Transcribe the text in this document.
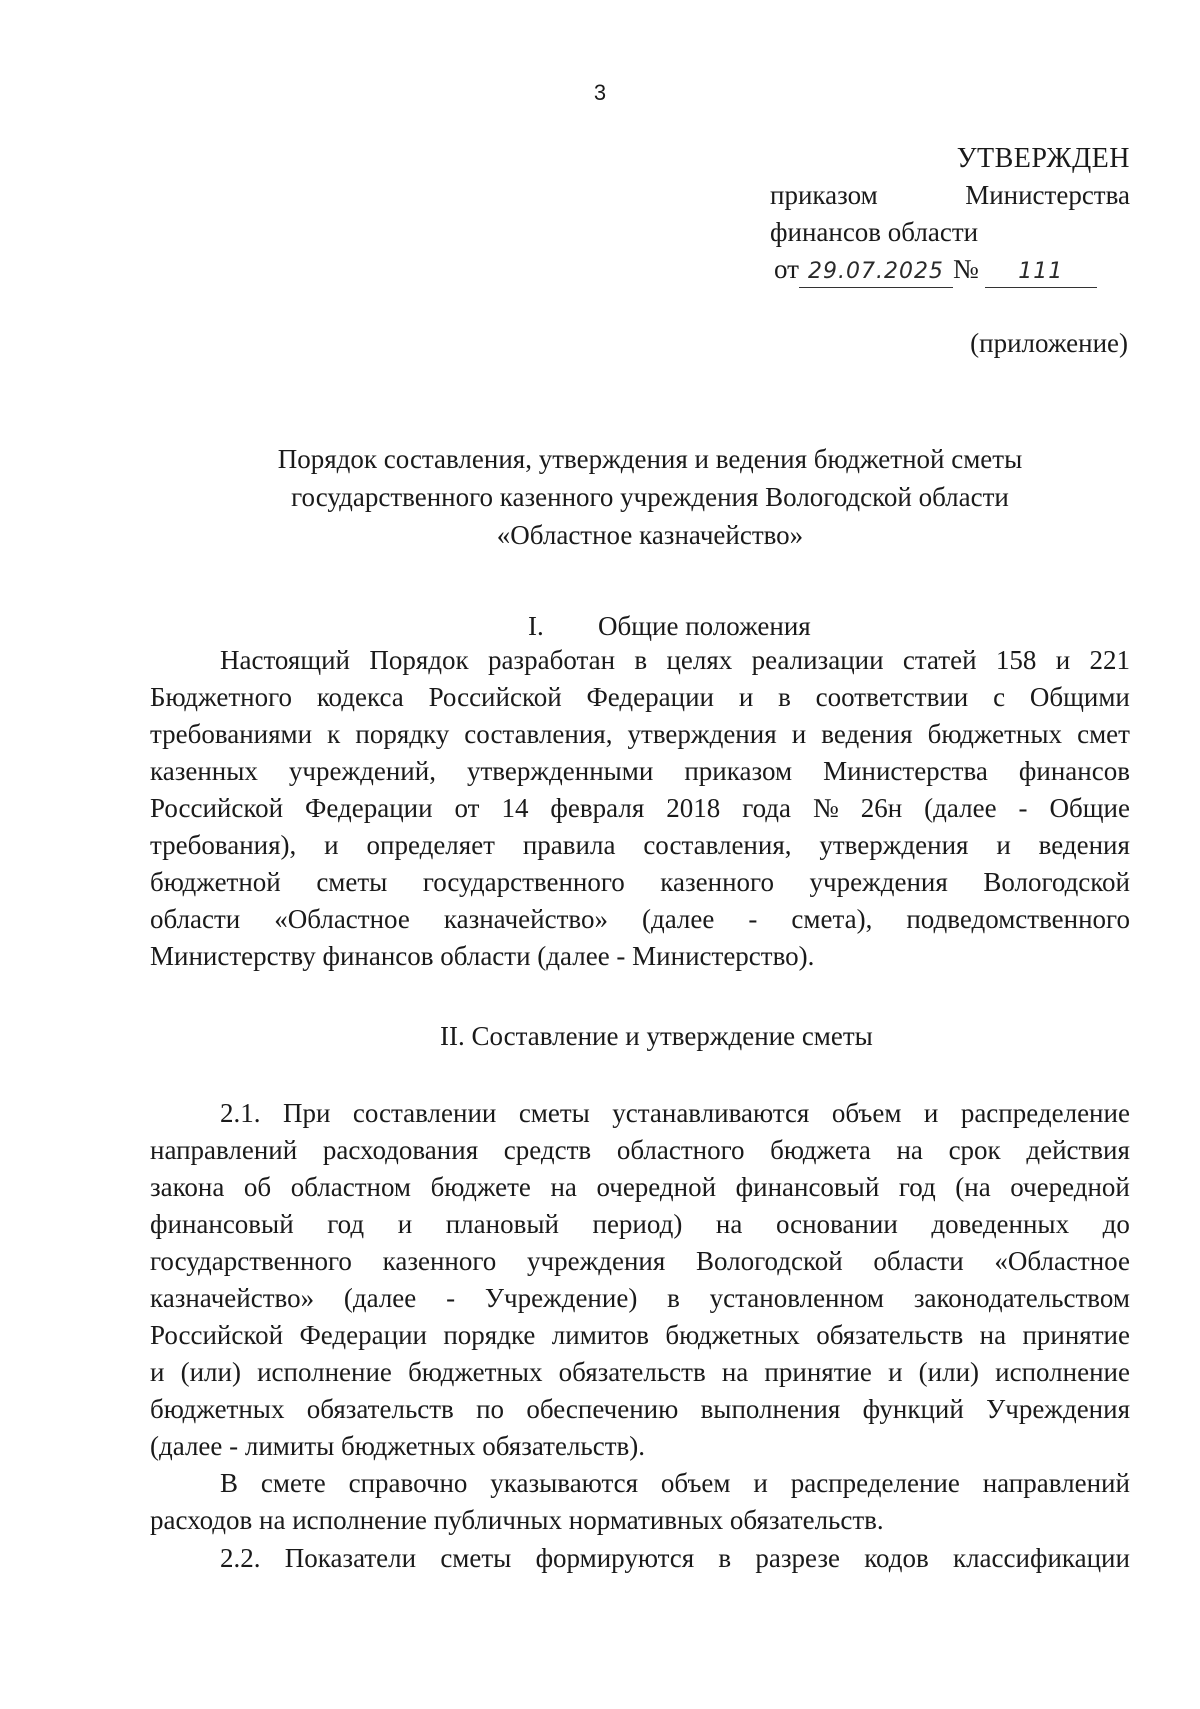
3
УТВЕРЖДЕН
приказом	Министерства
финансов области
от 29.07.2025 №	111
(приложение)
Порядок составления, утверждения и ведения бюджетной сметы
государственного казенного учреждения Вологодской области
«Областное казначейство»
I. Общие положения
Настоящий Порядок разработан в целях реализации статей 158 и 221
Бюджетного кодекса Российской Федерации и в соответствии с Общими
требованиями к порядку составления, утверждения и ведения бюджетных смет
казенных учреждений, утвержденными приказом Министерства финансов
Российской Федерации от 14 февраля 2018 года № 26н (далее - Общие
требования), и определяет правила составления, утверждения и ведения
бюджетной сметы государственного казенного учреждения Вологодской
области «Областное казначейство» (далее - смета), подведомственного
Министерству финансов области (далее - Министерство).
II. Составление и утверждение сметы
2.1. При составлении сметы устанавливаются объем и распределение
направлений расходования средств областного бюджета на срок действия
закона об областном бюджете на очередной финансовый год (на очередной
финансовый год и плановый период) на основании доведенных до
государственного казенного учреждения Вологодской области «Областное
казначейство» (далее - Учреждение) в установленном законодательством
Российской Федерации порядке лимитов бюджетных обязательств на принятие
и (или) исполнение бюджетных обязательств на принятие и (или) исполнение
бюджетных обязательств по обеспечению выполнения функций Учреждения
(далее - лимиты бюджетных обязательств).
В смете справочно указываются объем и распределение направлений
расходов на исполнение публичных нормативных обязательств.
2.2. Показатели сметы формируются в разрезе кодов классификации
